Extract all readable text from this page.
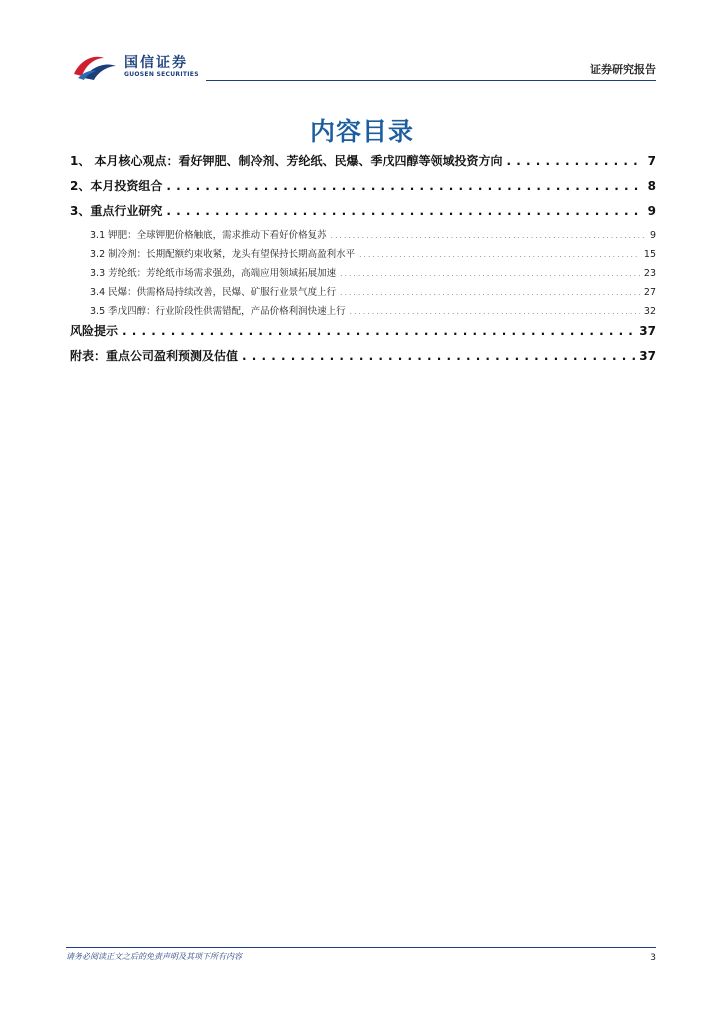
国信证券
GUOSEN SECURITIES	证券研究报告
内容目录
1、 本月核心观点：看好钾肥、制冷剂、芳纶纸、民爆、季戊四醇等领域投资方向 . . .	7
2、本月投资组合 . . .	8
3、重点行业研究 . . .	9
3.1 钾肥：全球钾肥价格触底，需求推动下看好价格复苏 . . .	9
3.2 制冷剂：长期配额约束收紧，龙头有望保持长期高盈利水平 . . .	15
3.3 芳纶纸：芳纶纸市场需求强劲，高端应用领域拓展加速 . . .	23
3.4 民爆：供需格局持续改善，民爆、矿服行业景气度上行 . . .	27
3.5 季戊四醇：行业阶段性供需错配，产品价格利润快速上行 . . .	32
风险提示 . . .	37
附表：重点公司盈利预测及估值 . . .	37
请务必阅读正文之后的免责声明及其项下所有内容	3
